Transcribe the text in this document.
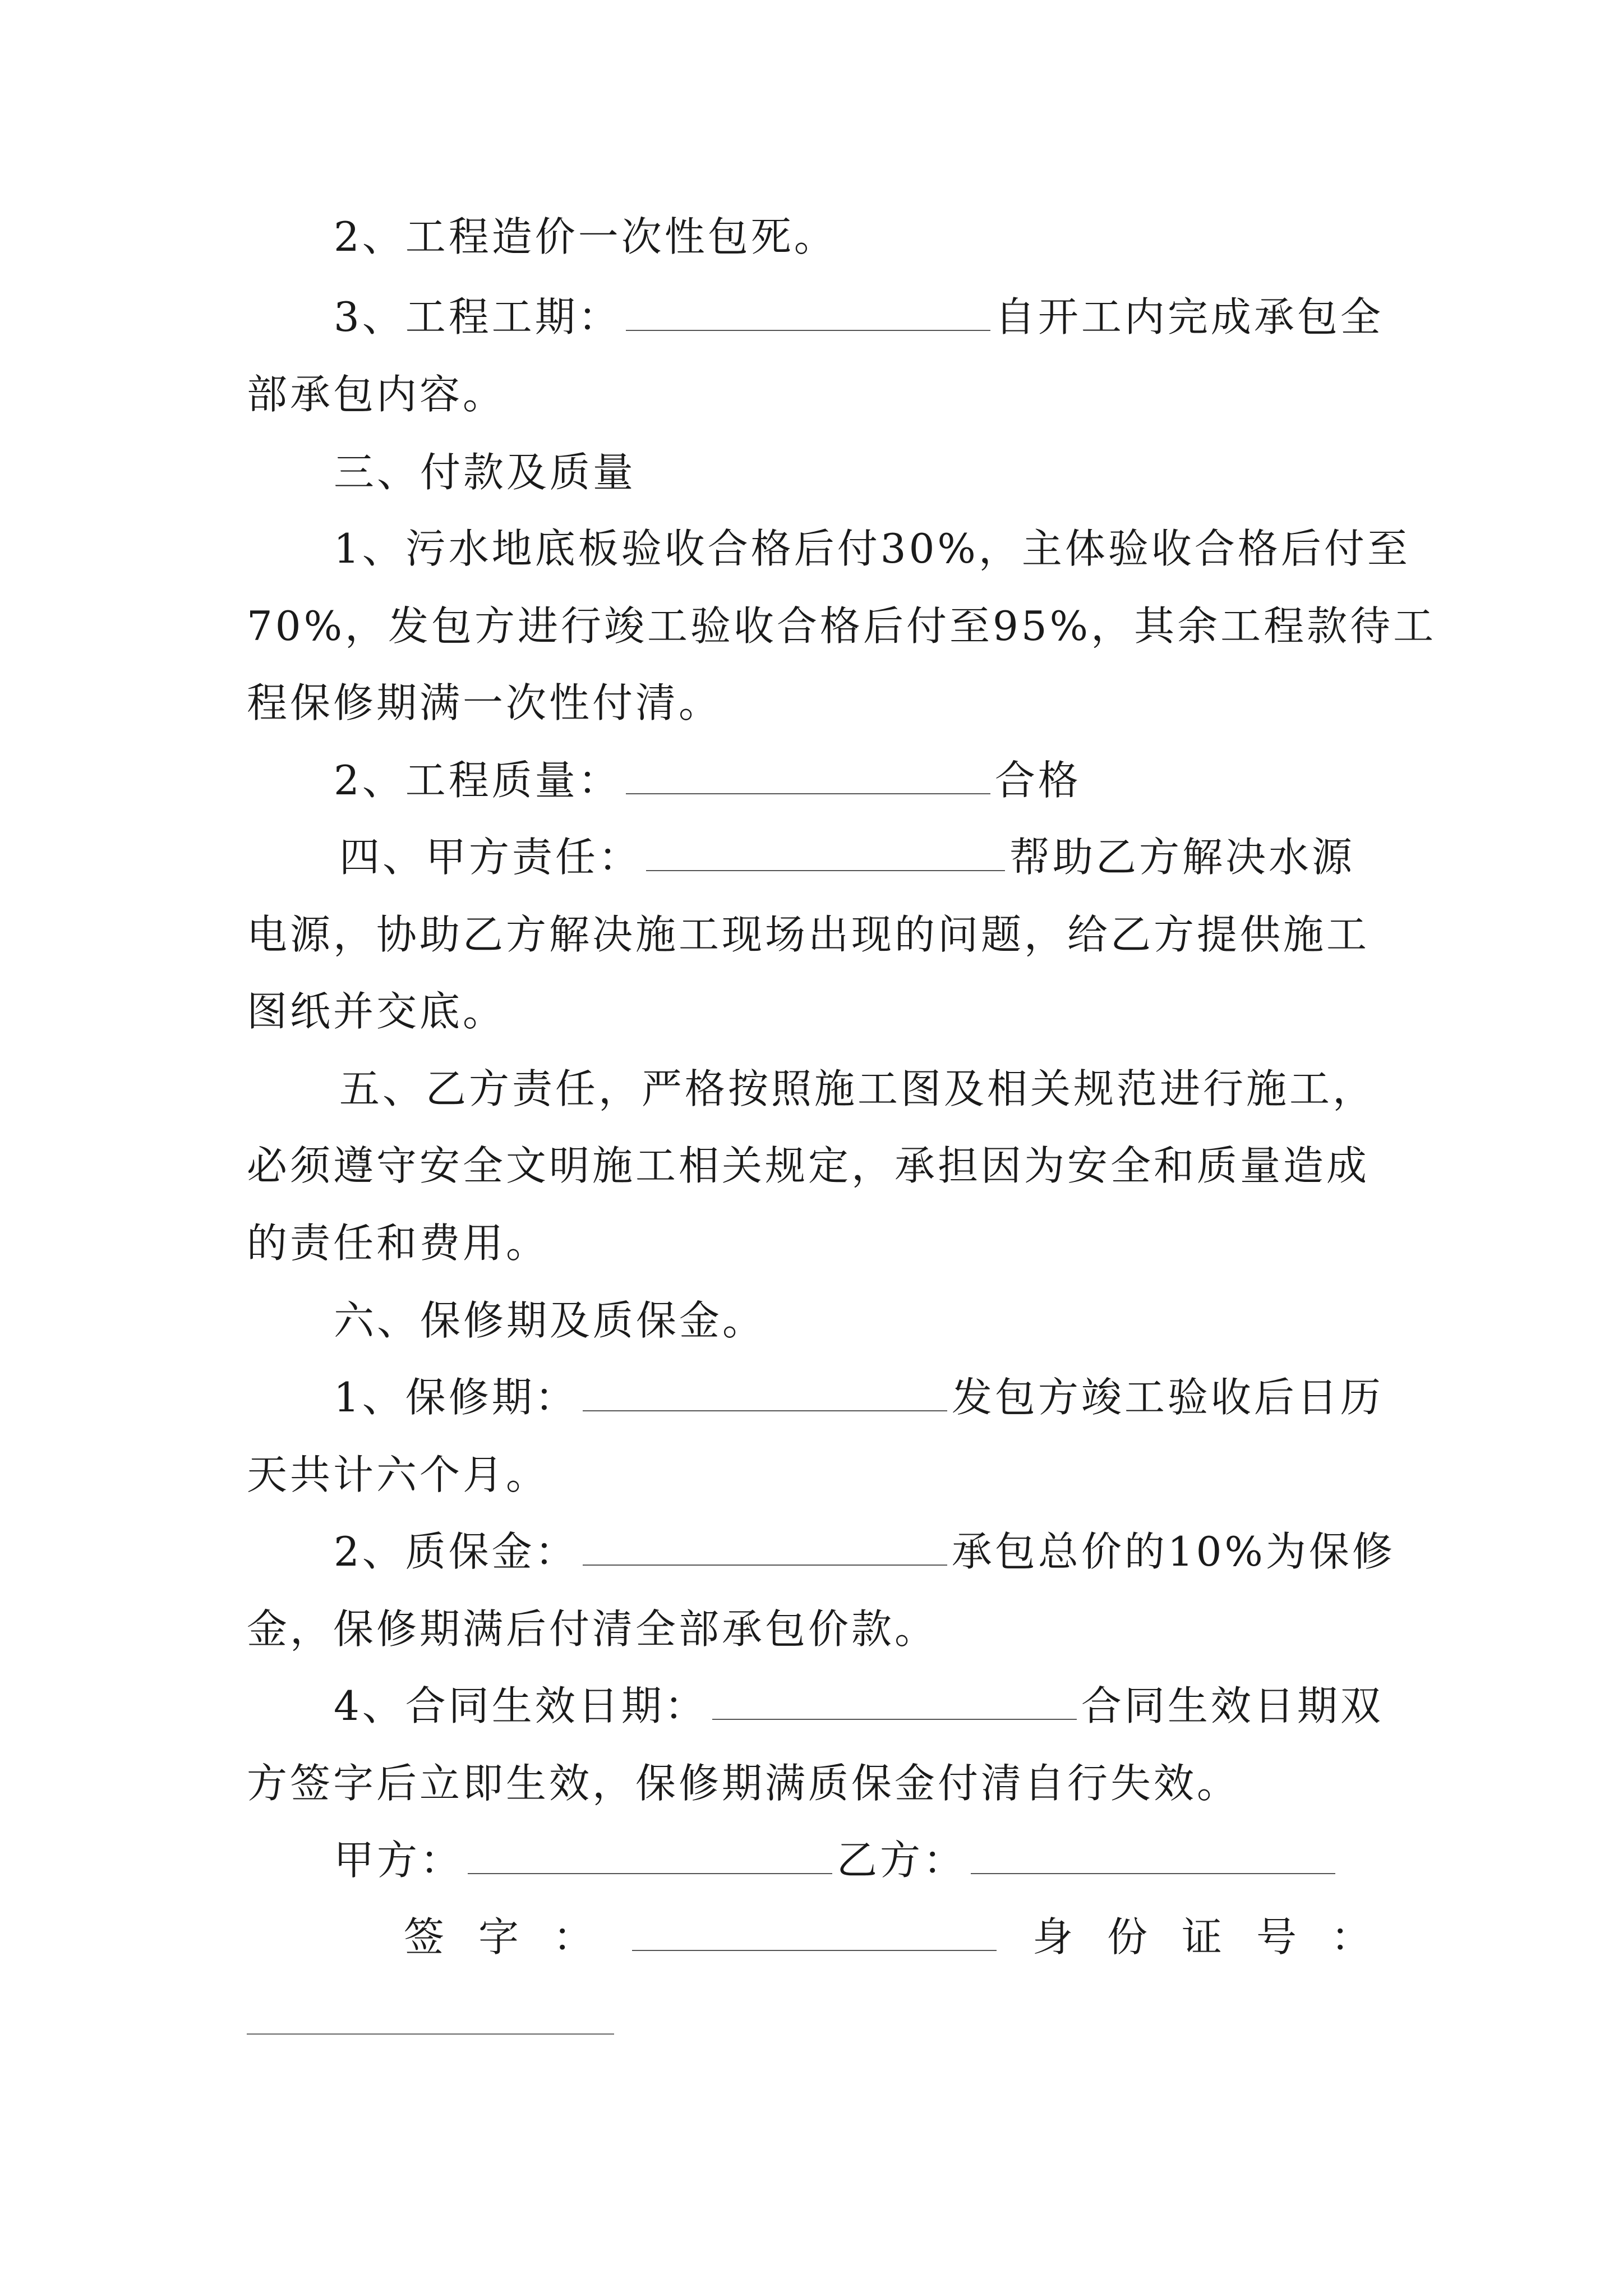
2、工程造价一次性包死。
3、工程工期：	自开工内完成承包全
部承包内容。
三、付款及质量
1、污水地底板验收合格后付30%，主体验收合格后付至
70%，发包方进行竣工验收合格后付至95%，其余工程款待工
程保修期满一次性付清。
2、工程质量：	合格
四、甲方责任：	帮助乙方解决水源
电源，协助乙方解决施工现场出现的问题，给乙方提供施工
图纸并交底。
五、乙方责任，严格按照施工图及相关规范进行施工，
必须遵守安全文明施工相关规定，承担因为安全和质量造成
的责任和费用。
六、保修期及质保金。
1、保修期：	发包方竣工验收后日历
天共计六个月。
2、质保金：	承包总价的10%为保修
金，保修期满后付清全部承包价款。
4、合同生效日期：	合同生效日期双
方签字后立即生效，保修期满质保金付清自行失效。
甲方：	乙方：
签 字 ：	身 份 证 号 ：
